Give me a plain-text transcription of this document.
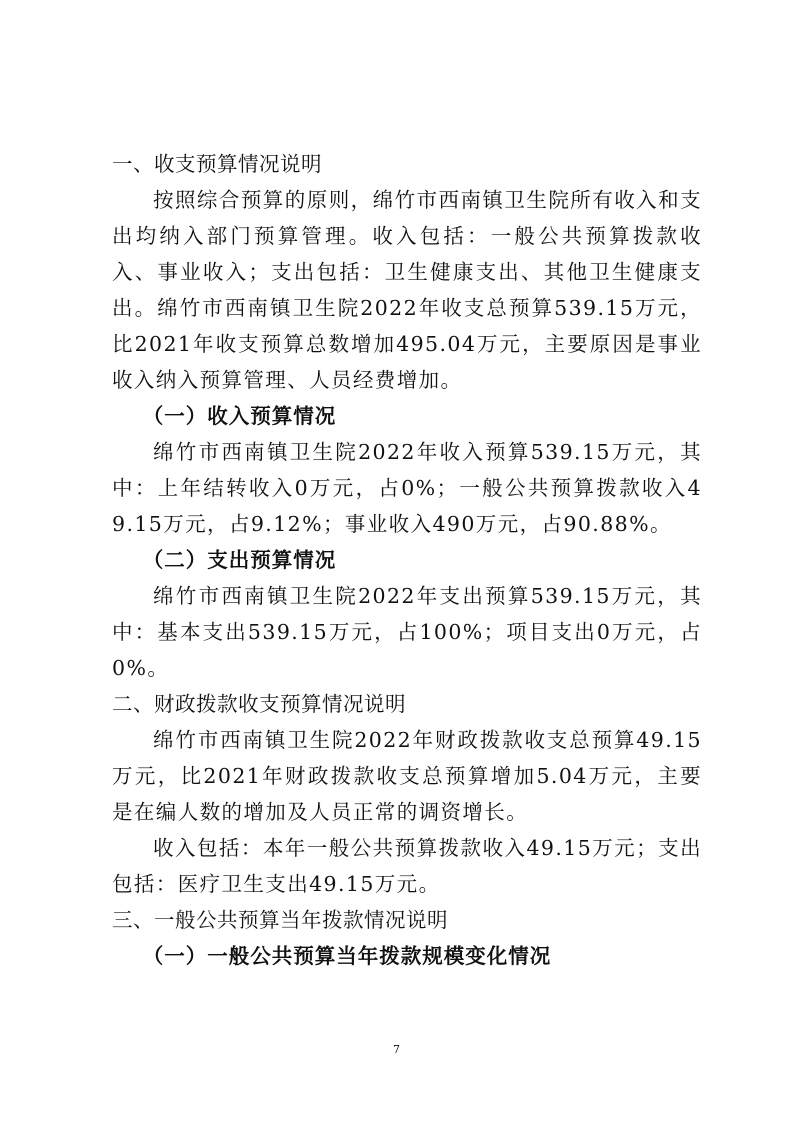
一、收支预算情况说明

按照综合预算的原则，绵竹市西南镇卫生院所有收入和支出均纳入部门预算管理。收入包括：一般公共预算拨款收入、事业收入；支出包括：卫生健康支出、其他卫生健康支出。绵竹市西南镇卫生院2022年收支总预算539.15万元，比2021年收支预算总数增加495.04万元，主要原因是事业收入纳入预算管理、人员经费增加。

（一）收入预算情况

绵竹市西南镇卫生院2022年收入预算539.15万元，其中：上年结转收入0万元，占0%；一般公共预算拨款收入49.15万元，占9.12%；事业收入490万元，占90.88%。

（二）支出预算情况

绵竹市西南镇卫生院2022年支出预算539.15万元，其中：基本支出539.15万元，占100%；项目支出0万元，占0%。

二、财政拨款收支预算情况说明

绵竹市西南镇卫生院2022年财政拨款收支总预算49.15万元，比2021年财政拨款收支总预算增加5.04万元，主要是在编人数的增加及人员正常的调资增长。

收入包括：本年一般公共预算拨款收入49.15万元；支出包括：医疗卫生支出49.15万元。

三、一般公共预算当年拨款情况说明

（一）一般公共预算当年拨款规模变化情况

7
